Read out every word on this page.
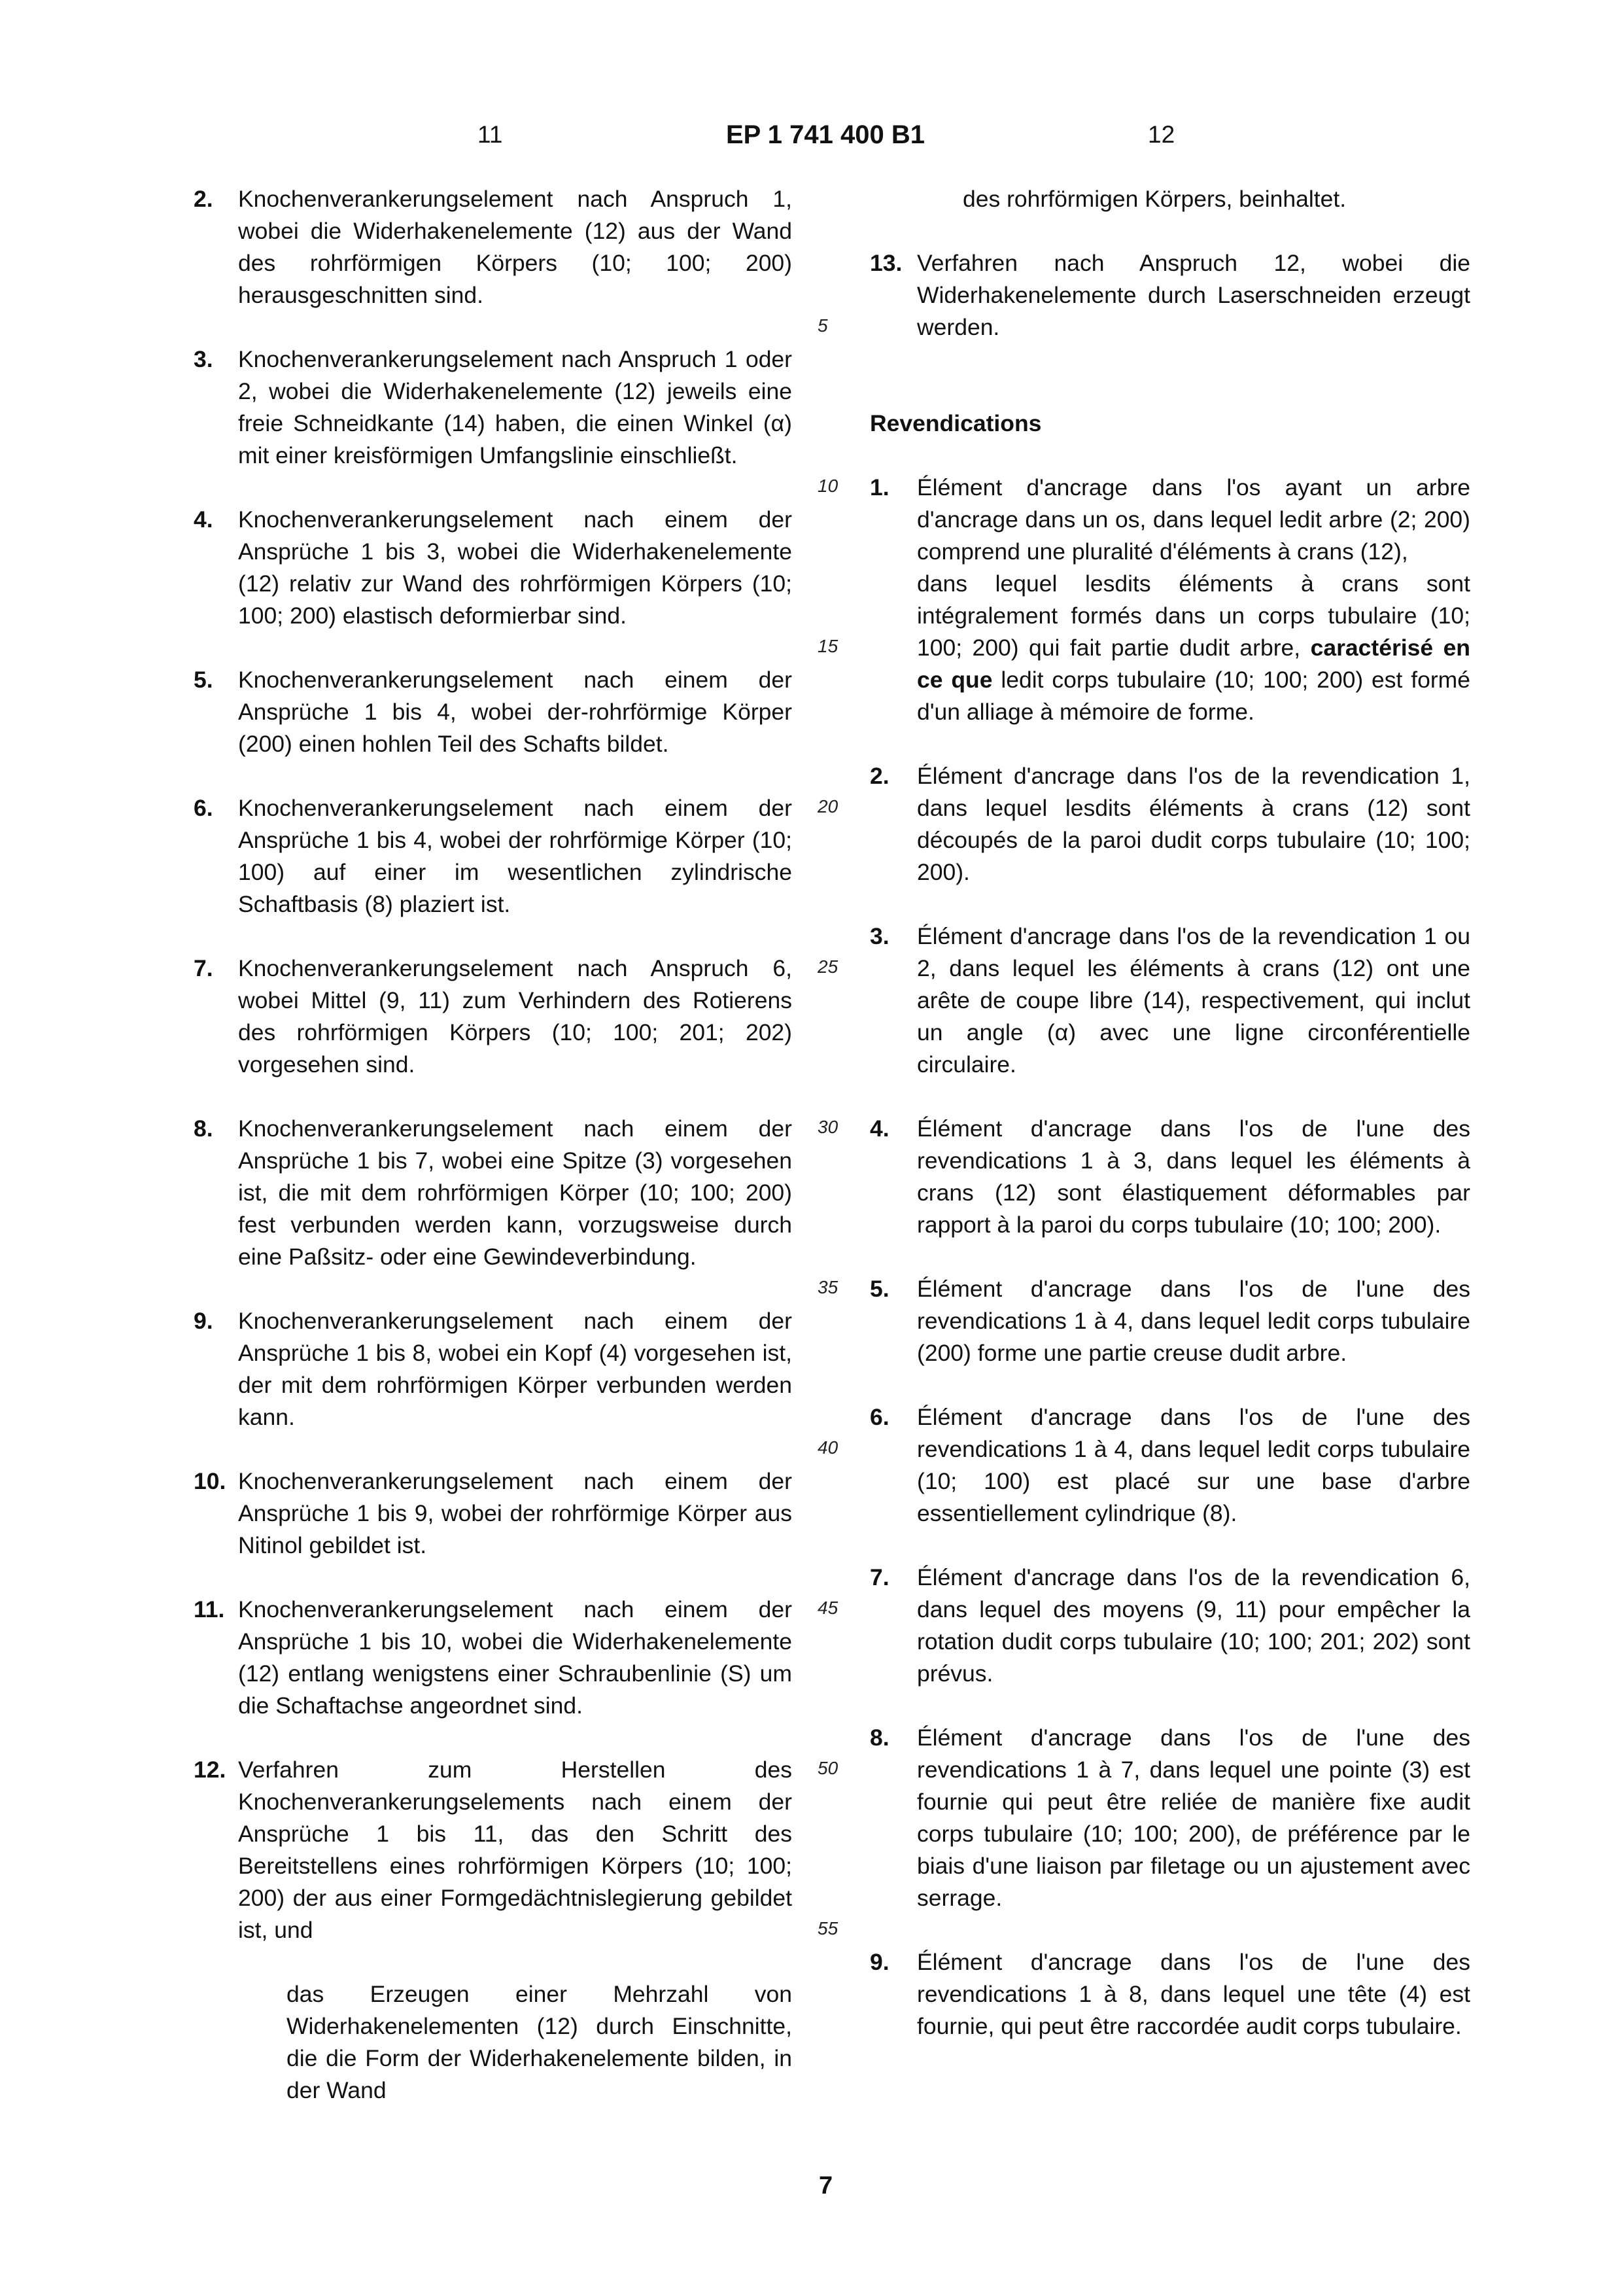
11	EP 1 741 400 B1	12
2. Knochenverankerungselement nach Anspruch 1, wobei die Widerhakenelemente (12) aus der Wand des rohrförmigen Körpers (10; 100; 200) herausgeschnitten sind.
3. Knochenverankerungselement nach Anspruch 1 oder 2, wobei die Widerhakenelemente (12) jeweils eine freie Schneidkante (14) haben, die einen Winkel (α) mit einer kreisförmigen Umfangslinie einschließt.
4. Knochenverankerungselement nach einem der Ansprüche 1 bis 3, wobei die Widerhakenelemente (12) relativ zur Wand des rohrförmigen Körpers (10; 100; 200) elastisch deformierbar sind.
5. Knochenverankerungselement nach einem der Ansprüche 1 bis 4, wobei der-rohrförmige Körper (200) einen hohlen Teil des Schafts bildet.
6. Knochenverankerungselement nach einem der Ansprüche 1 bis 4, wobei der rohrförmige Körper (10; 100) auf einer im wesentlichen zylindrische Schaftbasis (8) plaziert ist.
7. Knochenverankerungselement nach Anspruch 6, wobei Mittel (9, 11) zum Verhindern des Rotierens des rohrförmigen Körpers (10; 100; 201; 202) vorgesehen sind.
8. Knochenverankerungselement nach einem der Ansprüche 1 bis 7, wobei eine Spitze (3) vorgesehen ist, die mit dem rohrförmigen Körper (10; 100; 200) fest verbunden werden kann, vorzugsweise durch eine Paßsitz- oder eine Gewindeverbindung.
9. Knochenverankerungselement nach einem der Ansprüche 1 bis 8, wobei ein Kopf (4) vorgesehen ist, der mit dem rohrförmigen Körper verbunden werden kann.
10. Knochenverankerungselement nach einem der Ansprüche 1 bis 9, wobei der rohrförmige Körper aus Nitinol gebildet ist.
11. Knochenverankerungselement nach einem der Ansprüche 1 bis 10, wobei die Widerhakenelemente (12) entlang wenigstens einer Schraubenlinie (S) um die Schaftachse angeordnet sind.
12. Verfahren zum Herstellen des Knochenverankerungselements nach einem der Ansprüche 1 bis 11, das den Schritt des Bereitstellens eines rohrförmigen Körpers (10; 100; 200) der aus einer Formgedächtnislegierung gebildet ist, und
das Erzeugen einer Mehrzahl von Widerhakenelementen (12) durch Einschnitte, die die Form der Widerhakenelemente bilden, in der Wand
5
10
15
20
25
30
35
40
45
50
55
des rohrförmigen Körpers, beinhaltet.
13. Verfahren nach Anspruch 12, wobei die Widerhakenelemente durch Laserschneiden erzeugt werden.
Revendications
1. Élément d'ancrage dans l'os ayant un arbre d'ancrage dans un os, dans lequel ledit arbre (2; 200) comprend une pluralité d'éléments à crans (12),
dans lequel lesdits éléments à crans sont intégralement formés dans un corps tubulaire (10; 100; 200) qui fait partie dudit arbre, caractérisé en ce que ledit corps tubulaire (10; 100; 200) est formé d'un alliage à mémoire de forme.
2. Élément d'ancrage dans l'os de la revendication 1, dans lequel lesdits éléments à crans (12) sont découpés de la paroi dudit corps tubulaire (10; 100; 200).
3. Élément d'ancrage dans l'os de la revendication 1 ou 2, dans lequel les éléments à crans (12) ont une arête de coupe libre (14), respectivement, qui inclut un angle (α) avec une ligne circonférentielle circulaire.
4. Élément d'ancrage dans l'os de l'une des revendications 1 à 3, dans lequel les éléments à crans (12) sont élastiquement déformables par rapport à la paroi du corps tubulaire (10; 100; 200).
5. Élément d'ancrage dans l'os de l'une des revendications 1 à 4, dans lequel ledit corps tubulaire (200) forme une partie creuse dudit arbre.
6. Élément d'ancrage dans l'os de l'une des revendications 1 à 4, dans lequel ledit corps tubulaire (10; 100) est placé sur une base d'arbre essentiellement cylindrique (8).
7. Élément d'ancrage dans l'os de la revendication 6, dans lequel des moyens (9, 11) pour empêcher la rotation dudit corps tubulaire (10; 100; 201; 202) sont prévus.
8. Élément d'ancrage dans l'os de l'une des revendications 1 à 7, dans lequel une pointe (3) est fournie qui peut être reliée de manière fixe audit corps tubulaire (10; 100; 200), de préférence par le biais d'une liaison par filetage ou un ajustement avec serrage.
9. Élément d'ancrage dans l'os de l'une des revendications 1 à 8, dans lequel une tête (4) est fournie, qui peut être raccordée audit corps tubulaire.
7
